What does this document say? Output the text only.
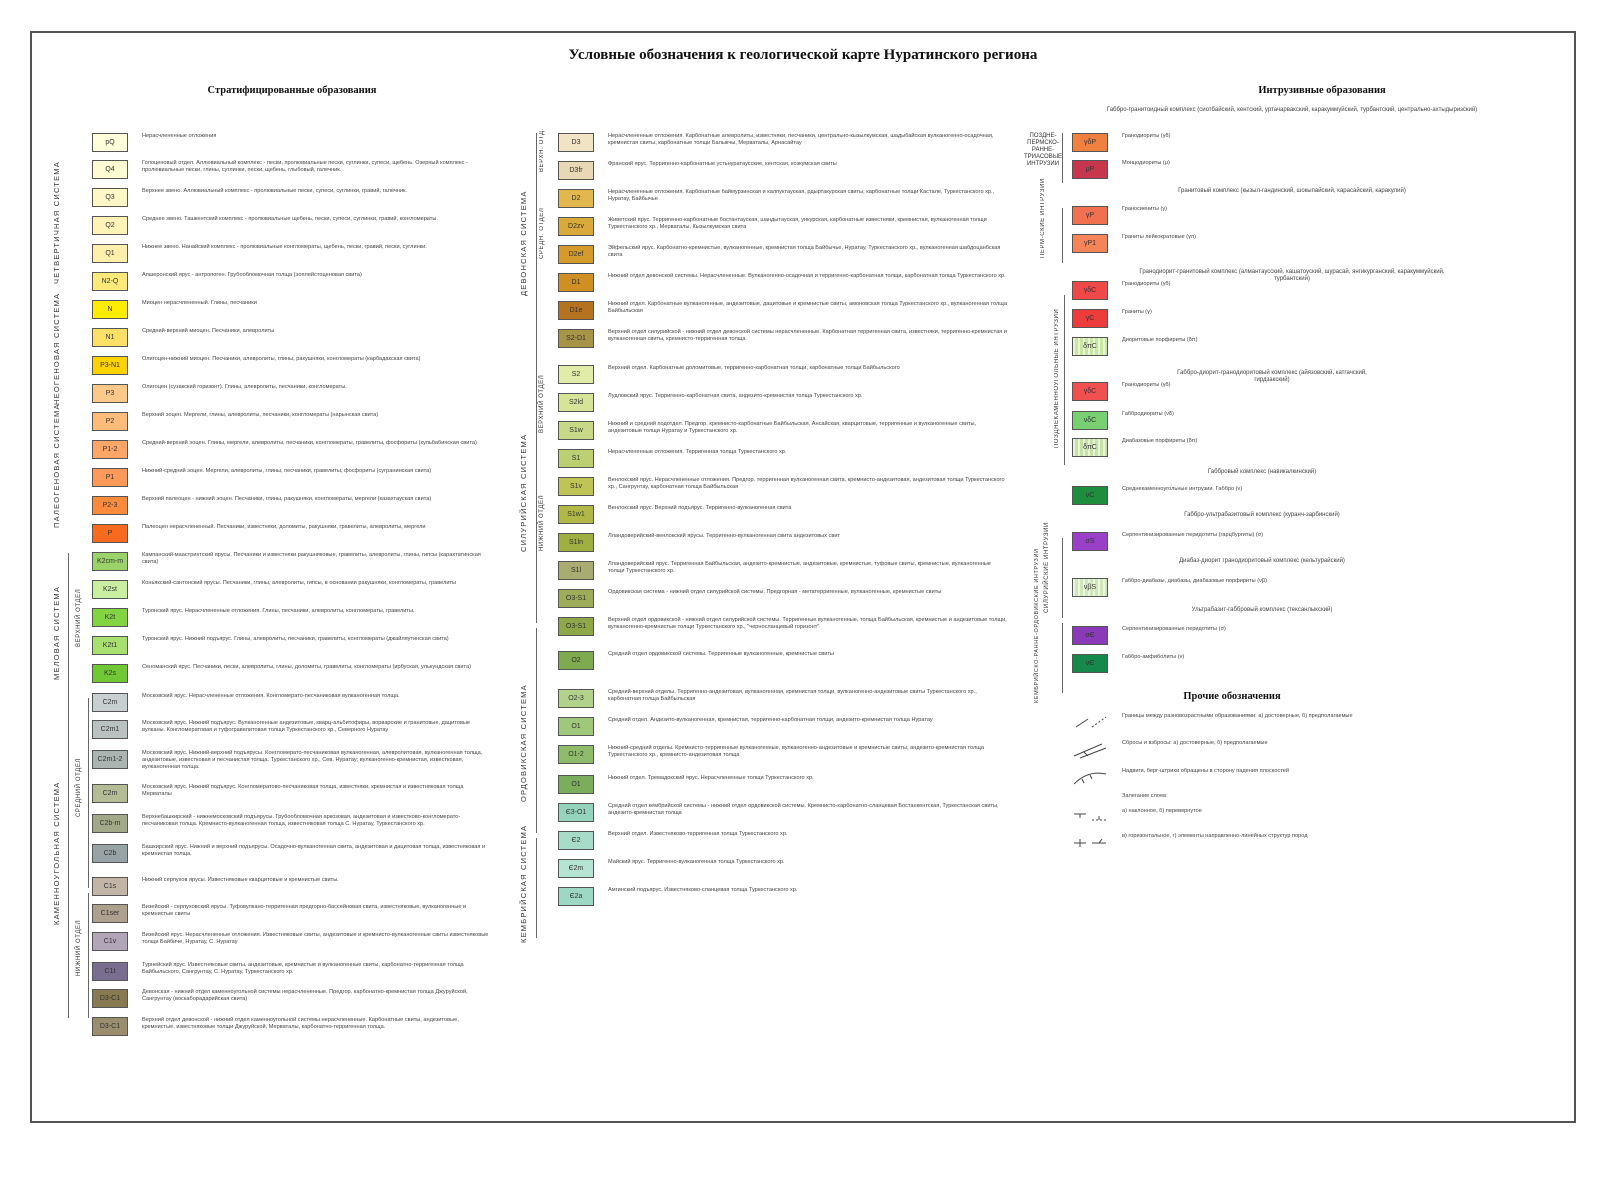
Условные обозначения к геологической карте Нуратинского региона
Стратифицированные образования	Интрузивные образования
pQ
Нерасчлененные отложения
Q4
Голоценовый отдел. Аллювиальный комплекс - пески, пролювиальные пески, суглинки, супеси, щебень. Озерный комплекс - пролювиальные пески, глины, суглинки, пески, щебень, глыбовый, галечник.
Q3
Верхнее звено. Аллювиальный комплекс - пролювиальные пески, супеси, суглинки, гравий, галечник.
Q2
Среднее звено. Ташкентский комплекс - пролювиальные щебень, пески, супеси, суглинки, гравий, конгломераты.
Q1
Нижнее звено. Нанайский комплекс - пролювиальные конгломераты, щебень, пески, гравий, пески, суглинки.
N2-Q
Апшеронский ярус - антропоген. Грубообломочная толща (эоплейстоценовая свита)
N
Миоцен нерасчлененный. Глины, песчаники
N1
Средний-верхний миоцен. Песчаники, алевролиты
P3-N1
Олигоцен-нижний миоцен. Песчаники, алевролиты, глины, ракушняки, конгломераты (карбадакская свита)
P3
Олигоцен (сузакский горизонт). Глины, алевролиты, песчаники, конгломераты.
P2
Верхний эоцен. Мергели, глины, алевролиты, песчаники, конгломераты (нарынская свита)
P1-2
Средний-верхний эоцен. Глины, мергели, алевролиты, песчаники, конгломераты, гравелиты, фосфориты (кульбабинская свита)
P1
Нижний-средний эоцен. Мергели, алевролиты, глины, песчаники, гравелиты, фосфориты (сугранинская свита)
P2-3
Верхний палеоцен - нижний эоцен. Песчаники, глины, ракушняки, конгломераты, мергели (казахтауская свита)
P
Палеоцен нерасчлененный. Песчаники, известняки, доломиты, ракушняки, гравелиты, алевролиты, мергели
K2cm-m
Кампанский-маастрихтский ярусы. Песчаники и известняки ракушняковые, гравелиты, алевролиты, глины, гипсы (карахтатинская свита)
K2st
Коньякский-сантонский ярусы. Песчаники, глины, алевролиты, гипсы, в основании ракушняки, конгломераты, гравелиты
K2t
Туронский ярус. Нерасчлененные отложения. Глины, песчаники, алевролиты, конгломераты, гравелиты.
K2t1
Туронский ярус. Нижний подъярус. Глины, алевролиты, песчаники, гравелиты, конгломераты (джайляутинская свита)
K2s
Сеноманский ярус. Песчаники, пески, алевролиты, глины, доломиты, гравелиты, конгломераты (ирбуская, улькундская свита)
C2m
Московский ярус. Нерасчлененные отложения. Конгломерато-песчаниковая вулканогенная толща.
C2m1
Московский ярус. Нижний подъярус. Вулканогенные андезитовые, кварц-альбитофиры, ворварские и гранитовые, дацитовые вулканы. Конгломератовая и туфогравелитовая толщи Туркестанского хр., Северного Нуратау
C2m1-2
Московский ярус. Нижний-верхний подъярусы. Конгломерато-песчаниковая вулканогенная, алевролитовая, вулканогенная толща, андезитовые, известковая и песчанистая толща. Туркестанского хр., Сев. Нуратау; вулканогенно-кремнистая, известковая, вулканогенная толща.
C2m
Московский ярус. Нижний подъярус. Конгломератово-песчаниковая толща, известняки, кремнистая и известняковая толща Мерваталы
C2b-m
Верхнебашкирский - нижнемосковский подъярусы. Грубообломочная аркозовая, андезитовая и известково-конгломерато-песчаниковая толща. Кремнисто-вулканогенная толща, известняковая толща С. Нуратау, Туркестанского хр.
C2b
Башкирский ярус. Нижний и верхний подъярусы. Осадочно-вулканогенная свита, андезитовая и дацитовая толща, известняковая и кремнистая толща.
C1s
Нижний серпухов ярусы. Известняковые кварцитовые и кремнистые свиты.
C1ser
Визейский - серпуховский ярусы. Туфовулкано-терригенная предгорно-бассейновая свита, известняковые, вулканогенные и кремнистые свиты
C1v
Визейский ярус. Нерасчлененные отложения. Известняковые свиты, андезитовые и кремнисто-вулканогенные свиты известняковые толщи Байбиче, Нуратау, С. Нуратау
C1t
Турнейский ярус. Известняковые свиты, андезитовые, кремнистые и вулканогенные свиты, карбонатно-терригенная толща Байбыльского, Сангрунтау, С. Нуратау, Туркестанского хр.
D3-C1
Девонская - нижний отдел каменноугольной системы нерасчлененные. Предгор. карбонатно-кремнистая толща Джуруйской, Сангрунтау (воскаборадарийская свита)
D3-C1
Верхний отдел девонской - нижний отдел каменноугольной системы нерасчлененные. Карбонатные свиты, андезитовые, кремнистые, известняковые толщи Джуруйской, Мерваталы, карбонатно-терригенная толща.
D3
Нерасчлененные отложения. Карбонатные алевролиты, известняки, песчаники, центрально-кызылкумская, шадыбайская вулканогенно-осадочная, кремнистая свиты, карбонатные толщи Балыкчы, Мерваталы, Арнасайтау
D3fr
Франский ярус. Терригенно-карбонатные устьнуратаусские, кентская, козкумская свиты
D2
Нерасчлененные отложения. Карбонатные баймурзинская и калпуктауская, рдыртакурская свиты, карбонатные толщи Кастале, Туркестанского хр., Нуратау, Байбычье
D2zv
Живетский ярус. Терригенно-карбонатные бостантауская, шандытауская, ункурская, карбонатные известняки, кремнистая, вулканогенная толщи Туркестанского хр., Мерваталы, Кызылкумская свита
D2ef
Эйфельский ярус. Карбонатно-кремнистые, вулканогенные, кремнистая толща Байбычье, Нуратау, Туркестанского хр., вулканогенная шабдоцанбская свита
D1
Нижний отдел девонской системы. Нерасчлененные. Вулканогенно-осадочная и терригенно-карбонатная толщи, карбонатная толща Туркестанского хр.
D1e
Нижний отдел. Карбонатные вулканогенные, андезитовые, дацитовые и кремнистые свиты, амоновская толща Туркестанского хр., вулканогенная толща Байбыльская
S2-D1
Верхний отдел силурийской - нижний отдел девонской системы нерасчлененные. Карбонатная терригенная свита, известняки, терригенно-кремнистая и вулканогенная свиты, кремнисто-терригенная толща
S2
Верхний отдел. Карбонатные доломитовые, терригенно-карбонатная толщи, карбонатные толщи Байбыльского
S2ld
Лудловский ярус. Терригенно-карбонатная свита, андезито-кремнистая толща Туркестанского хр.
S1w
Нижний и средний подотдел. Предгор. кремнисто-карбонатные Байбыльская, Ансайская, кварцитовые, терригенные и вулканогенные свиты, андезитовые толщи Нуратау и Туркестанского хр.
S1
Нерасчлененные отложения. Терригенная толща Туркестанского хр.
S1v
Венлокский ярус. Нерасчлененные отложения. Предгор. терригенная вулканогенная свита, кремнисто-андезитовая, андезитовая толщи Туркестанского хр., Сангрунтау, карбонатная толща Байбыльская
S1w1
Венлокский ярус. Верхний подъярус. Терригенно-вулканогенная свита
S1ln
Лландоверийский-венлокский ярусы. Терригенно-вулканогенная свита андезитовых свит
S1l
Лландоверийский ярус. Терригенная Байбыльская, андезито-кремнистые, андезитовые, кремнистые, туфовые свиты, кремнистые, вулканогенные толщи Туркестанского хр.
O3-S1
Ордовикская система - нижний отдел силурийской системы. Предгорная - метатерригенные, вулканогенные, кремнистые свиты
O3-S1
Верхний отдел ордовикской - нижний отдел силурийской системы. Терригенные вулканогенные, толща Байбыльская, кремнистые и андезитовые толщи, вулканогенно-кремнистые толщи Туркестанского хр., "черносланцевый горизонт"
O2
Средний отдел ордовикской системы. Терригенные вулканогенные, кремнистые свиты
O2-3
Средний-верхний отделы. Терригенно-андезитовая, вулканогенная, кремнистая толщи, вулканогенно-андезитовые свиты Туркестанского хр., карбонатная толща Байбыльская
O1
Средний отдел. Андезито-вулканогенная, кремнистая, терригенно-карбонатная толщи, андезито-кремнистая толща Нуратау
O1-2
Нижний-средний отделы. Кремнисто-терригенные вулканогенные, вулканогенно-андезитовые и кремнистые свиты, андезито-кремнистая толща Туркестанского хр., кремнисто-андезитовая толща
O1
Нижний отдел. Тремадокский ярус. Нерасчлененные толщи Туркестанского хр.
Є3-O1
Средний отдел кембрийской системы - нижний отдел ордовикской системы. Кремнисто-карбонатно-сланцевая Бостанкентская, Туркестанская свиты, андезито-кремнистая толща
Є2
Верхний отдел. Известняково-терригенная толща Туркестанского хр.
Є2m
Майский ярус. Терригенно-вулканогенная толща Туркестанского хр.
Є2a
Амгинский подъярус. Известняково-сланцевая толща Туркестанского хр.
γδP
Гранодиориты (γδ)
μP
Монцодиориты (μ)
γP
Граносиениты (γ)
γP1
Граниты лейкократовые (γл)
γδC
Гранодиориты (γδ)
γC
Граниты (γ)
δπC
Диоритовые порфириты (δπ)
γδC
Гранодиориты (γδ)
νδC
Габбродиориты (νδ)
δπC
Диабазовые порфириты (δπ)
νC
Среднекаменноугольные интрузии. Габбро (ν)
σS
Серпентинизированные перидотиты (гарцбургиты) (σ)
νβS
Габбро-диабазы, диабазы, диабазовые порфириты (νβ)
σЄ
Серпентинизированные перидотиты (σ)
νЄ
Габбро-амфиболиты (ν)
Габбро-гранитоидный комплекс (сиотбайский, кентский, уртачарвакский, каракуммуйский, турбантский, центрально-ахтыдыризский)
Гранитовый комплекс (кызыл-гандинский, шокыпайский, карасайский, каракулий)
Гранодиорит-гранитовый комплекс (алмантаусский, кашатоуский, шурасай, янгикурганский, каракуммуйский, турбантский)
Габбро-диорит-гранодиоритовый комплекс (айязовский, катгачский, гирдзакский)
Габбровый комплекс (навикалкинский)
Габбро-ультрабазитовый комплекс (куранч-зарбинский)
Диабаз-диорит гранодиоритовый комплекс (кельтурайский)
Ультрабазит-габбровый комплекс (тексанлыкский)
Прочие обозначения
Границы между разновозрастными образованиями: а) достоверные, б) предполагаемые
Сбросы и взбросы: а) достоверные, б) предполагаемые
Надвиги, берг-штрихи обращены в сторону падения плоскостей
Залегание слоев:
а) наклонное, б) перевернутое
в) горизонтальное, г) элементы направленно-линейных структур пород
ЧЕТВЕРТИЧНАЯ СИСТЕМА
НЕОГЕНОВАЯ СИСТЕМА
ПАЛЕОГЕНОВАЯ СИСТЕМА
МЕЛОВАЯ СИСТЕМА
КАМЕННОУГОЛЬНАЯ СИСТЕМА
ВЕРХНИЙ ОТДЕЛ
СРЕДНИЙ ОТДЕЛ
НИЖНИЙ ОТДЕЛ
ДЕВОНСКАЯ СИСТЕМА
СИЛУРИЙСКАЯ СИСТЕМА
ОРДОВИКСКАЯ СИСТЕМА
КЕМБРИЙСКАЯ СИСТЕМА
ВЕРХН. ОТД.
СРЕДН. ОТДЕЛ
ВЕРХНИЙ ОТДЕЛ
НИЖНИЙ ОТДЕЛ
ПОЗДНЕ-ПЕРМСКО-РАННЕ-ТРИАСОВЫЕ ИНТРУЗИИ
ПЕРМ-СКИЕ ИНТРУЗИИ
ПОЗДНЕКАМЕННОУГОЛЬНЫЕ ИНТРУЗИИ
СИЛУРИЙСКИЕ ИНТРУЗИИ
КЕМБРИЙСКО-РАННЕ-ОРДОВИКСКИЕ ИНТРУЗИИ
